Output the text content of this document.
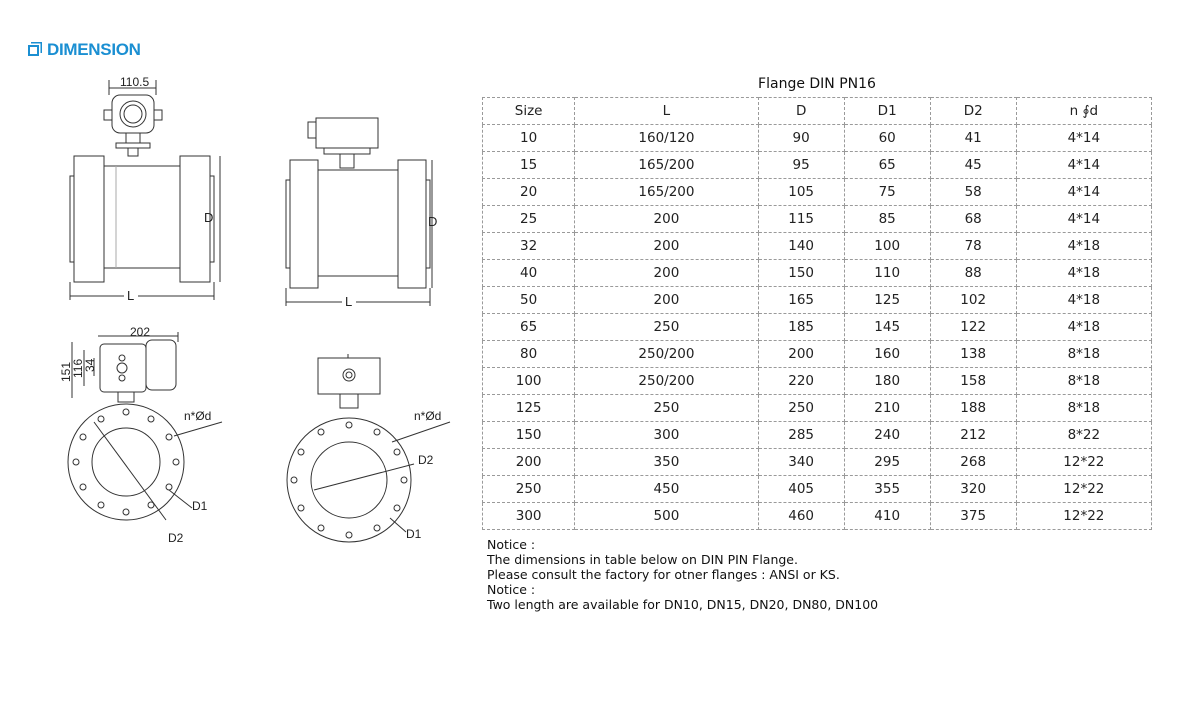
DIMENSION
110.5
D
L
D
L
202
151
116
34
n*Ød
D1
D2
n*Ød
D2
D1
Flange DIN PN16
Size	L	D	D1	D2	n ∮d
10	160/120	90	60	41	4*14
15	165/200	95	65	45	4*14
20	165/200	105	75	58	4*14
25	200	115	85	68	4*14
32	200	140	100	78	4*18
40	200	150	110	88	4*18
50	200	165	125	102	4*18
65	250	185	145	122	4*18
80	250/200	200	160	138	8*18
100	250/200	220	180	158	8*18
125	250	250	210	188	8*18
150	300	285	240	212	8*22
200	350	340	295	268	12*22
250	450	405	355	320	12*22
300	500	460	410	375	12*22
Notice :
The dimensions in table below on DIN PIN Flange.
Please consult the factory for otner flanges : ANSI or KS.
Notice :
Two length are available for DN10, DN15, DN20, DN80, DN100
